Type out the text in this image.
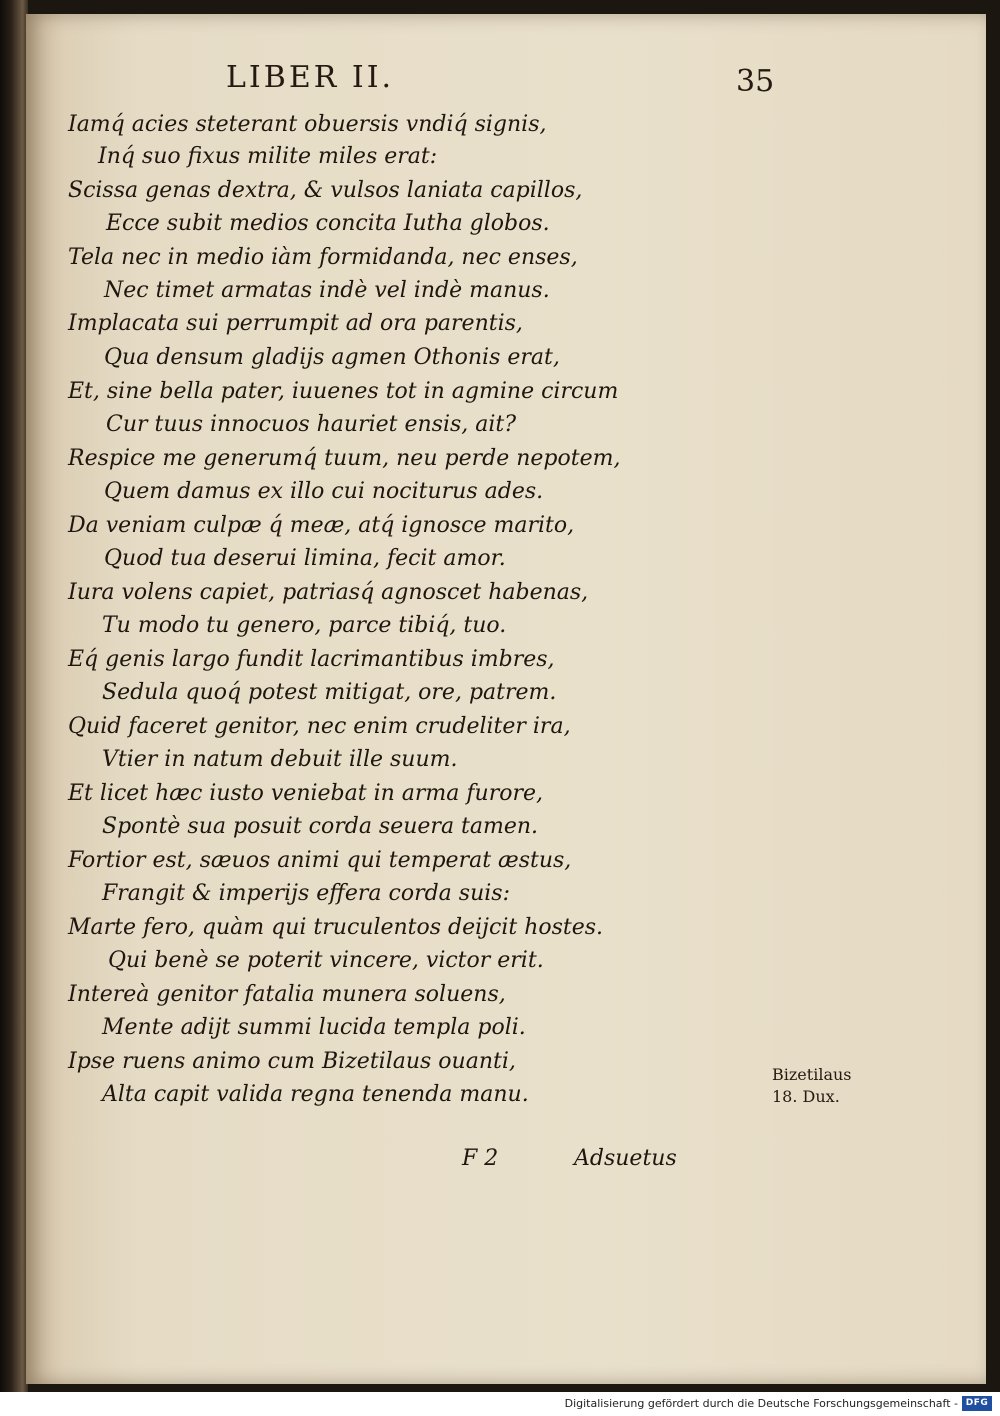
LIBER II.	35
Iamq́ acies steterant obuersis vndiq́ signis,
Inq́ suo fixus milite miles erat:
Scissa genas dextra, & vulsos laniata capillos,
Ecce subit medios concita Iutha globos.
Tela nec in medio iàm formidanda, nec enses,
Nec timet armatas indè vel indè manus.
Implacata sui perrumpit ad ora parentis,
Qua densum gladijs agmen Othonis erat,
Et, sine bella pater, iuuenes tot in agmine circum
Cur tuus innocuos hauriet ensis, ait?
Respice me generumq́ tuum, neu perde nepotem,
Quem damus ex illo cui nociturus ades.
Da veniam culpæ q́ meæ, atq́ ignosce marito,
Quod tua deserui limina, fecit amor.
Iura volens capiet, patriasq́ agnoscet habenas,
Tu modo tu genero, parce tibiq́, tuo.
Eq́ genis largo fundit lacrimantibus imbres,
Sedula quoq́ potest mitigat, ore, patrem.
Quid faceret genitor, nec enim crudeliter ira,
Vtier in natum debuit ille suum.
Et licet hæc iusto veniebat in arma furore,
Spontè sua posuit corda seuera tamen.
Fortior est, sæuos animi qui temperat æstus,
Frangit & imperijs effera corda suis:
Marte fero, quàm qui truculentos deijcit hostes.
Qui benè se poterit vincere, victor erit.
Intereà genitor fatalia munera soluens,
Mente adijt summi lucida templa poli.
Ipse ruens animo cum Bizetilaus ouanti,
Alta capit valida regna tenenda manu.
Bizetilaus
18. Dux.
F 2	Adsuetus
Digitalisierung gefördert durch die Deutsche Forschungsgemeinschaft - DFG
